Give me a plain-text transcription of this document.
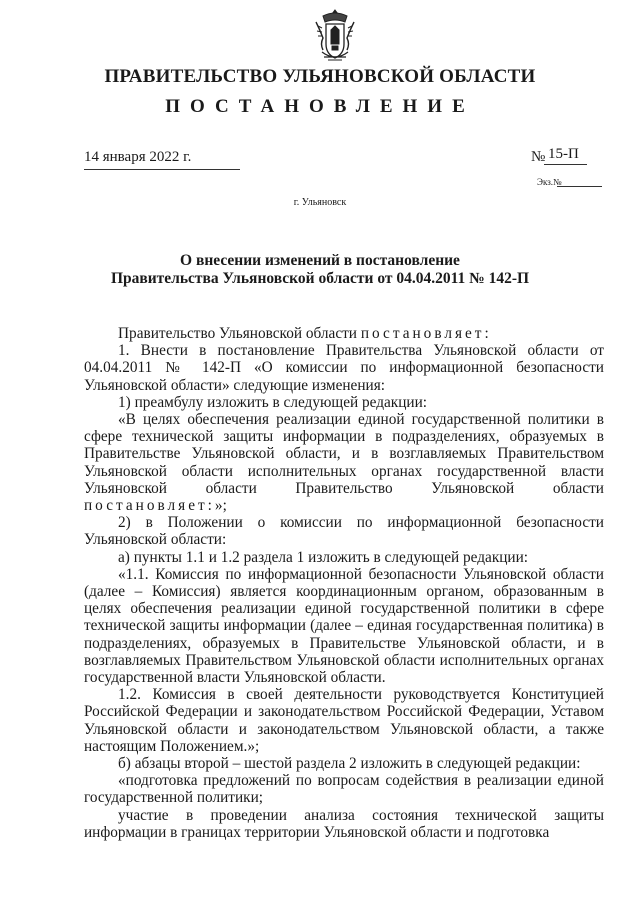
ПРАВИТЕЛЬСТВО УЛЬЯНОВСКОЙ ОБЛАСТИ
ПОСТАНОВЛЕНИЕ
14 января 2022 г.	№ 15-П
Экз.№
г. Ульяновск
О внесении изменений в постановление
Правительства Ульяновской области от 04.04.2011 № 142-П

Правительство Ульяновской области постановляет:

1. Внести в постановление Правительства Ульяновской области от 04.04.2011 № 142-П «О комиссии по информационной безопасности Ульяновской области» следующие изменения:

1) преамбулу изложить в следующей редакции:

«В целях обеспечения реализации единой государственной политики в сфере технической защиты информации в подразделениях, образуемых в Правительстве Ульяновской области, и в возглавляемых Правительством Ульяновской области исполнительных органах государственной власти Ульяновской области Правительство Ульяновской области постановляет:»;

2) в Положении о комиссии по информационной безопасности Ульяновской области:

а) пункты 1.1 и 1.2 раздела 1 изложить в следующей редакции:

«1.1. Комиссия по информационной безопасности Ульяновской области (далее – Комиссия) является координационным органом, образованным в целях обеспечения реализации единой государственной политики в сфере технической защиты информации (далее – единая государственная политика) в подразделениях, образуемых в Правительстве Ульяновской области, и в возглавляемых Правительством Ульяновской области исполнительных органах государственной власти Ульяновской области.

1.2. Комиссия в своей деятельности руководствуется Конституцией Российской Федерации и законодательством Российской Федерации, Уставом Ульяновской области и законодательством Ульяновской области, а также настоящим Положением.»;

б) абзацы второй – шестой раздела 2 изложить в следующей редакции:

«подготовка предложений по вопросам содействия в реализации единой государственной политики;

участие в проведении анализа состояния технической защиты информации в границах территории Ульяновской области и подготовка
